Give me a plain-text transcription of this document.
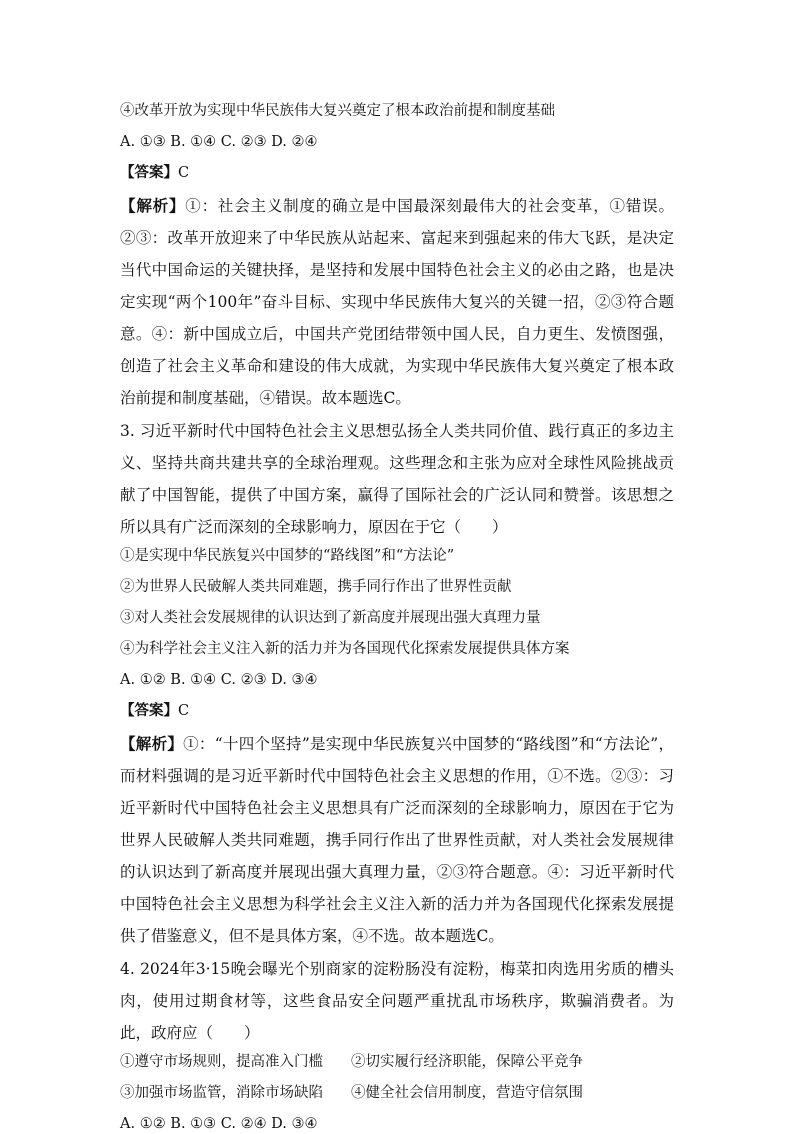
④改革开放为实现中华民族伟大复兴奠定了根本政治前提和制度基础
A. ①③ B. ①④ C. ②③ D. ②④
【答案】C
【解析】①：社会主义制度的确立是中国最深刻最伟大的社会变革，①错误。②③：改革开放迎来了中华民族从站起来、富起来到强起来的伟大飞跃，是决定当代中国命运的关键抉择，是坚持和发展中国特色社会主义的必由之路，也是决定实现“两个100年”奋斗目标、实现中华民族伟大复兴的关键一招，②③符合题意。④：新中国成立后，中国共产党团结带领中国人民，自力更生、发愤图强，创造了社会主义革命和建设的伟大成就，为实现中华民族伟大复兴奠定了根本政治前提和制度基础，④错误。故本题选C。
3. 习近平新时代中国特色社会主义思想弘扬全人类共同价值、践行真正的多边主义、坚持共商共建共享的全球治理观。这些理念和主张为应对全球性风险挑战贡献了中国智能，提供了中国方案，赢得了国际社会的广泛认同和赞誉。该思想之所以具有广泛而深刻的全球影响力，原因在于它（　　）
①是实现中华民族复兴中国梦的“路线图”和“方法论”
②为世界人民破解人类共同难题，携手同行作出了世界性贡献
③对人类社会发展规律的认识达到了新高度并展现出强大真理力量
④为科学社会主义注入新的活力并为各国现代化探索发展提供具体方案
A. ①② B. ①④ C. ②③ D. ③④
【答案】C
【解析】①：“十四个坚持”是实现中华民族复兴中国梦的“路线图”和“方法论”，而材料强调的是习近平新时代中国特色社会主义思想的作用，①不选。②③：习近平新时代中国特色社会主义思想具有广泛而深刻的全球影响力，原因在于它为世界人民破解人类共同难题，携手同行作出了世界性贡献，对人类社会发展规律的认识达到了新高度并展现出强大真理力量，②③符合题意。④：习近平新时代中国特色社会主义思想为科学社会主义注入新的活力并为各国现代化探索发展提供了借鉴意义，但不是具体方案，④不选。故本题选C。
4. 2024年3·15晚会曝光个别商家的淀粉肠没有淀粉，梅菜扣肉选用劣质的槽头肉，使用过期食材等，这些食品安全问题严重扰乱市场秩序，欺骗消费者。为此，政府应（　　）
①遵守市场规则，提高准入门槛 ②切实履行经济职能，保障公平竞争
③加强市场监管，消除市场缺陷 ④健全社会信用制度，营造守信氛围
A. ①② B. ①③ C. ②④ D. ③④
